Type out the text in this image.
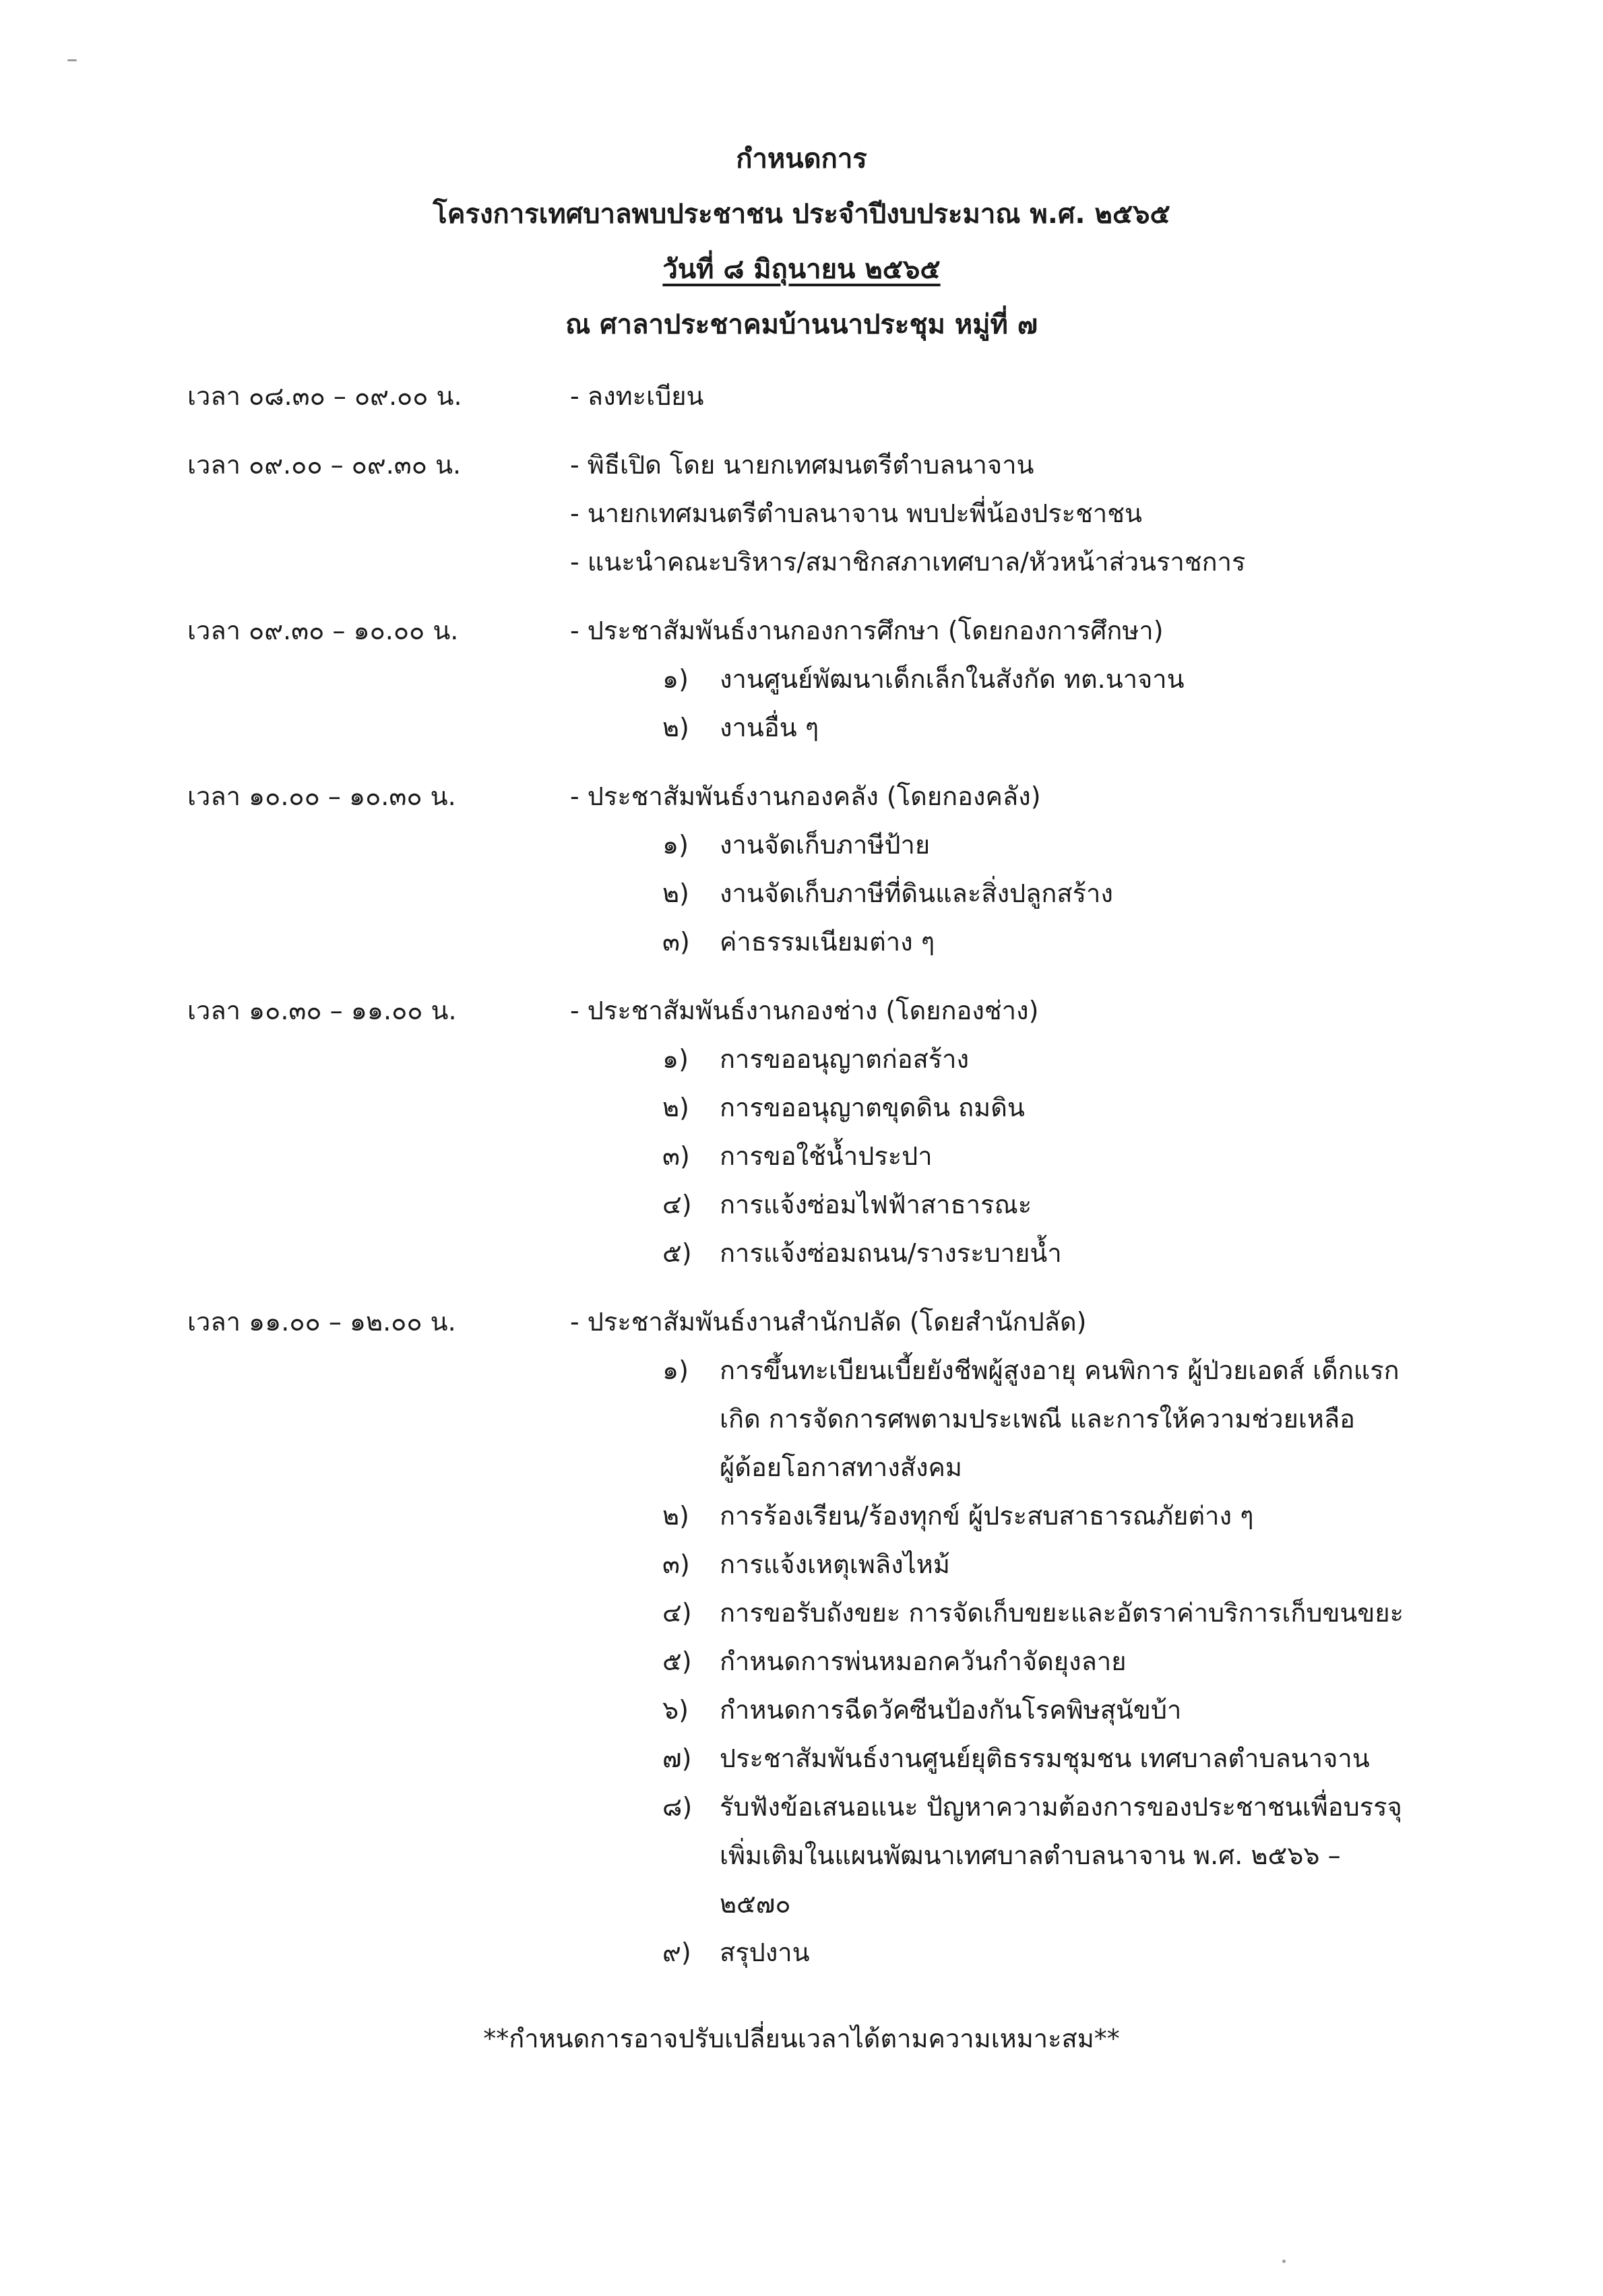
กำหนดการ
โครงการเทศบาลพบประชาชน ประจำปีงบประมาณ พ.ศ. ๒๕๖๕
วันที่ ๘ มิถุนายน ๒๕๖๕
ณ ศาลาประชาคมบ้านนาประชุม หมู่ที่ ๗
เวลา ๐๘.๓๐ – ๐๙.๐๐ น.	- ลงทะเบียน
เวลา ๐๙.๐๐ – ๐๙.๓๐ น.	- พิธีเปิด โดย นายกเทศมนตรีตำบลนาจาน
- นายกเทศมนตรีตำบลนาจาน พบปะพี่น้องประชาชน
- แนะนำคณะบริหาร/สมาชิกสภาเทศบาล/หัวหน้าส่วนราชการ
เวลา ๐๙.๓๐ – ๑๐.๐๐ น.	- ประชาสัมพันธ์งานกองการศึกษา (โดยกองการศึกษา)
๑)	งานศูนย์พัฒนาเด็กเล็กในสังกัด ทต.นาจาน
๒)	งานอื่น ๆ
เวลา ๑๐.๐๐ – ๑๐.๓๐ น.	- ประชาสัมพันธ์งานกองคลัง (โดยกองคลัง)
๑)	งานจัดเก็บภาษีป้าย
๒)	งานจัดเก็บภาษีที่ดินและสิ่งปลูกสร้าง
๓)	ค่าธรรมเนียมต่าง ๆ
เวลา ๑๐.๓๐ – ๑๑.๐๐ น.	- ประชาสัมพันธ์งานกองช่าง (โดยกองช่าง)
๑)	การขออนุญาตก่อสร้าง
๒)	การขออนุญาตขุดดิน ถมดิน
๓)	การขอใช้น้ำประปา
๔)	การแจ้งซ่อมไฟฟ้าสาธารณะ
๕)	การแจ้งซ่อมถนน/รางระบายน้ำ
เวลา ๑๑.๐๐ – ๑๒.๐๐ น.	- ประชาสัมพันธ์งานสำนักปลัด (โดยสำนักปลัด)
๑)	การขึ้นทะเบียนเบี้ยยังชีพผู้สูงอายุ คนพิการ ผู้ป่วยเอดส์ เด็กแรก
เกิด การจัดการศพตามประเพณี และการให้ความช่วยเหลือ
ผู้ด้อยโอกาสทางสังคม
๒)	การร้องเรียน/ร้องทุกข์ ผู้ประสบสาธารณภัยต่าง ๆ
๓)	การแจ้งเหตุเพลิงไหม้
๔)	การขอรับถังขยะ การจัดเก็บขยะและอัตราค่าบริการเก็บขนขยะ
๕)	กำหนดการพ่นหมอกควันกำจัดยุงลาย
๖)	กำหนดการฉีดวัคซีนป้องกันโรคพิษสุนัขบ้า
๗)	ประชาสัมพันธ์งานศูนย์ยุติธรรมชุมชน เทศบาลตำบลนาจาน
๘)	รับฟังข้อเสนอแนะ ปัญหาความต้องการของประชาชนเพื่อบรรจุ
เพิ่มเติมในแผนพัฒนาเทศบาลตำบลนาจาน พ.ศ. ๒๕๖๖ –
๒๕๗๐
๙)	สรุปงาน
**กำหนดการอาจปรับเปลี่ยนเวลาได้ตามความเหมาะสม**
